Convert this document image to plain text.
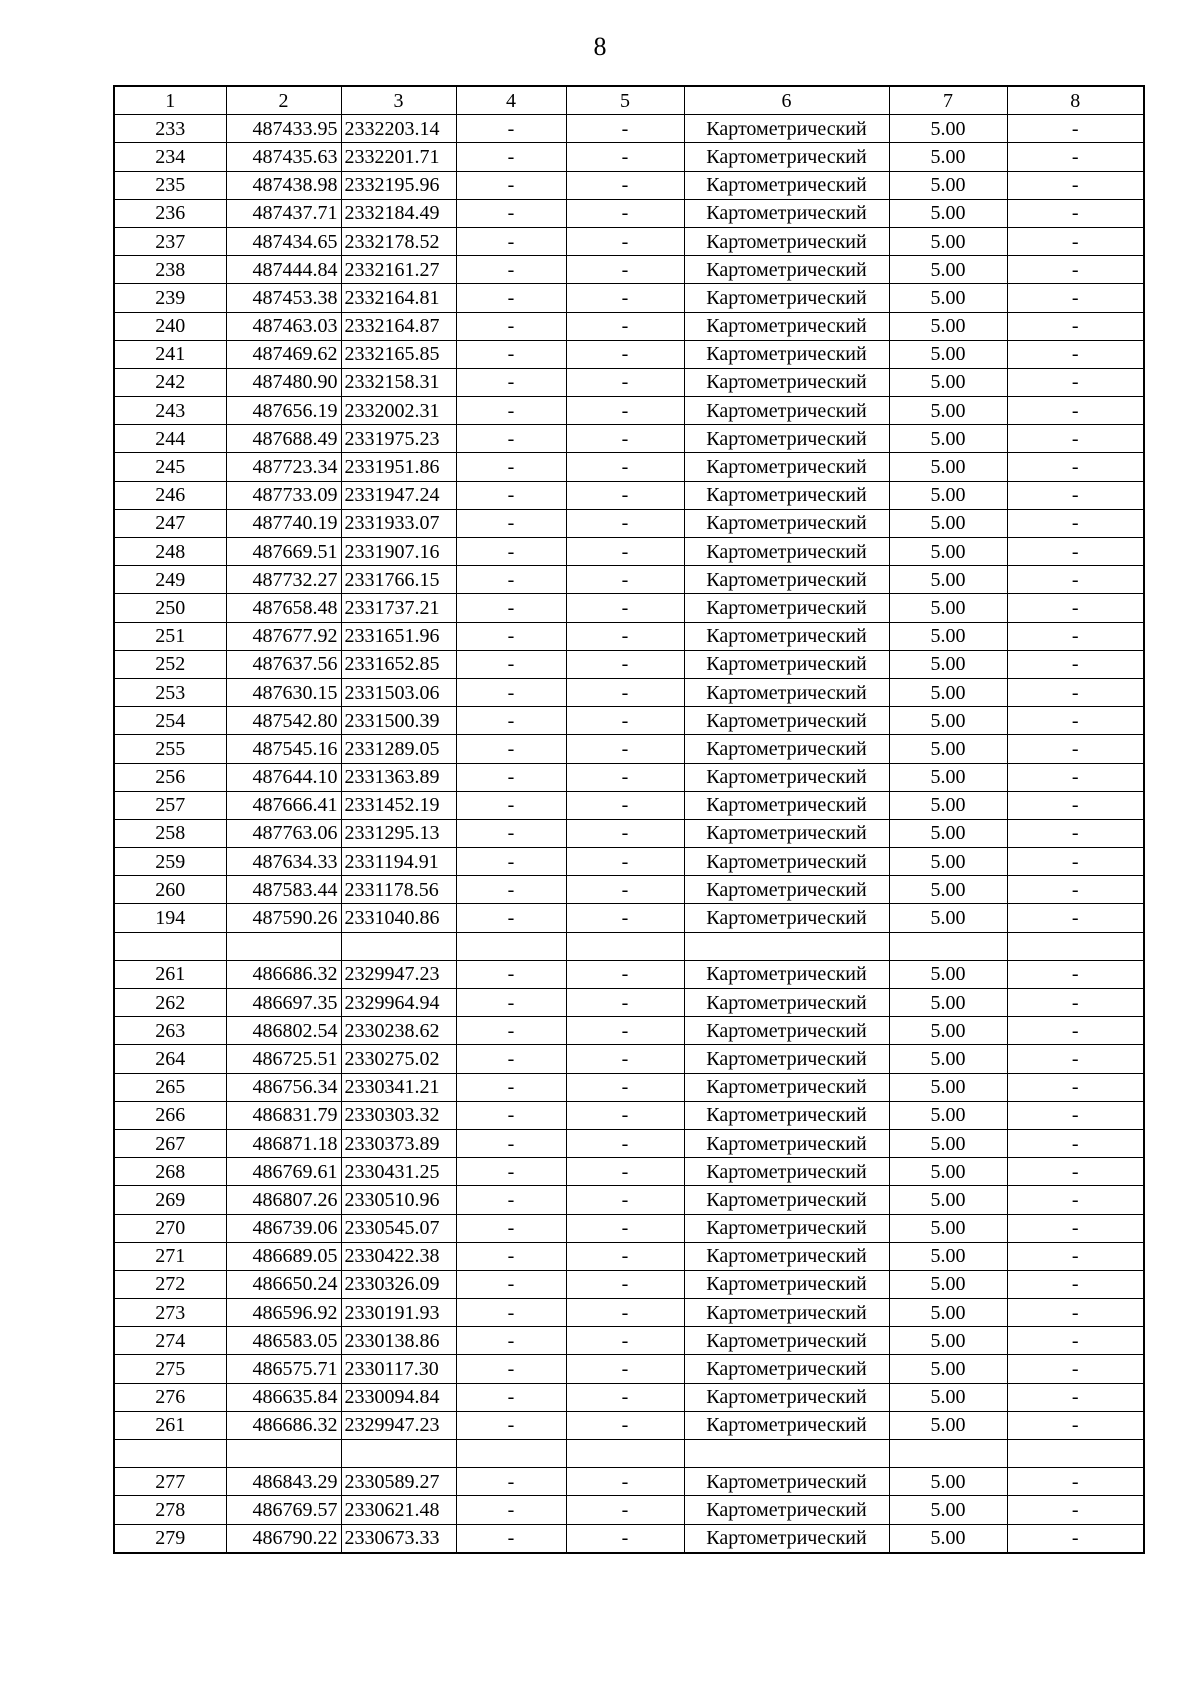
8
1	2	3	4	5	6	7	8
233	487433.95	2332203.14	-	-	Картометрический	5.00	-
234	487435.63	2332201.71	-	-	Картометрический	5.00	-
235	487438.98	2332195.96	-	-	Картометрический	5.00	-
236	487437.71	2332184.49	-	-	Картометрический	5.00	-
237	487434.65	2332178.52	-	-	Картометрический	5.00	-
238	487444.84	2332161.27	-	-	Картометрический	5.00	-
239	487453.38	2332164.81	-	-	Картометрический	5.00	-
240	487463.03	2332164.87	-	-	Картометрический	5.00	-
241	487469.62	2332165.85	-	-	Картометрический	5.00	-
242	487480.90	2332158.31	-	-	Картометрический	5.00	-
243	487656.19	2332002.31	-	-	Картометрический	5.00	-
244	487688.49	2331975.23	-	-	Картометрический	5.00	-
245	487723.34	2331951.86	-	-	Картометрический	5.00	-
246	487733.09	2331947.24	-	-	Картометрический	5.00	-
247	487740.19	2331933.07	-	-	Картометрический	5.00	-
248	487669.51	2331907.16	-	-	Картометрический	5.00	-
249	487732.27	2331766.15	-	-	Картометрический	5.00	-
250	487658.48	2331737.21	-	-	Картометрический	5.00	-
251	487677.92	2331651.96	-	-	Картометрический	5.00	-
252	487637.56	2331652.85	-	-	Картометрический	5.00	-
253	487630.15	2331503.06	-	-	Картометрический	5.00	-
254	487542.80	2331500.39	-	-	Картометрический	5.00	-
255	487545.16	2331289.05	-	-	Картометрический	5.00	-
256	487644.10	2331363.89	-	-	Картометрический	5.00	-
257	487666.41	2331452.19	-	-	Картометрический	5.00	-
258	487763.06	2331295.13	-	-	Картометрический	5.00	-
259	487634.33	2331194.91	-	-	Картометрический	5.00	-
260	487583.44	2331178.56	-	-	Картометрический	5.00	-
194	487590.26	2331040.86	-	-	Картометрический	5.00	-

261	486686.32	2329947.23	-	-	Картометрический	5.00	-
262	486697.35	2329964.94	-	-	Картометрический	5.00	-
263	486802.54	2330238.62	-	-	Картометрический	5.00	-
264	486725.51	2330275.02	-	-	Картометрический	5.00	-
265	486756.34	2330341.21	-	-	Картометрический	5.00	-
266	486831.79	2330303.32	-	-	Картометрический	5.00	-
267	486871.18	2330373.89	-	-	Картометрический	5.00	-
268	486769.61	2330431.25	-	-	Картометрический	5.00	-
269	486807.26	2330510.96	-	-	Картометрический	5.00	-
270	486739.06	2330545.07	-	-	Картометрический	5.00	-
271	486689.05	2330422.38	-	-	Картометрический	5.00	-
272	486650.24	2330326.09	-	-	Картометрический	5.00	-
273	486596.92	2330191.93	-	-	Картометрический	5.00	-
274	486583.05	2330138.86	-	-	Картометрический	5.00	-
275	486575.71	2330117.30	-	-	Картометрический	5.00	-
276	486635.84	2330094.84	-	-	Картометрический	5.00	-
261	486686.32	2329947.23	-	-	Картометрический	5.00	-

277	486843.29	2330589.27	-	-	Картометрический	5.00	-
278	486769.57	2330621.48	-	-	Картометрический	5.00	-
279	486790.22	2330673.33	-	-	Картометрический	5.00	-
